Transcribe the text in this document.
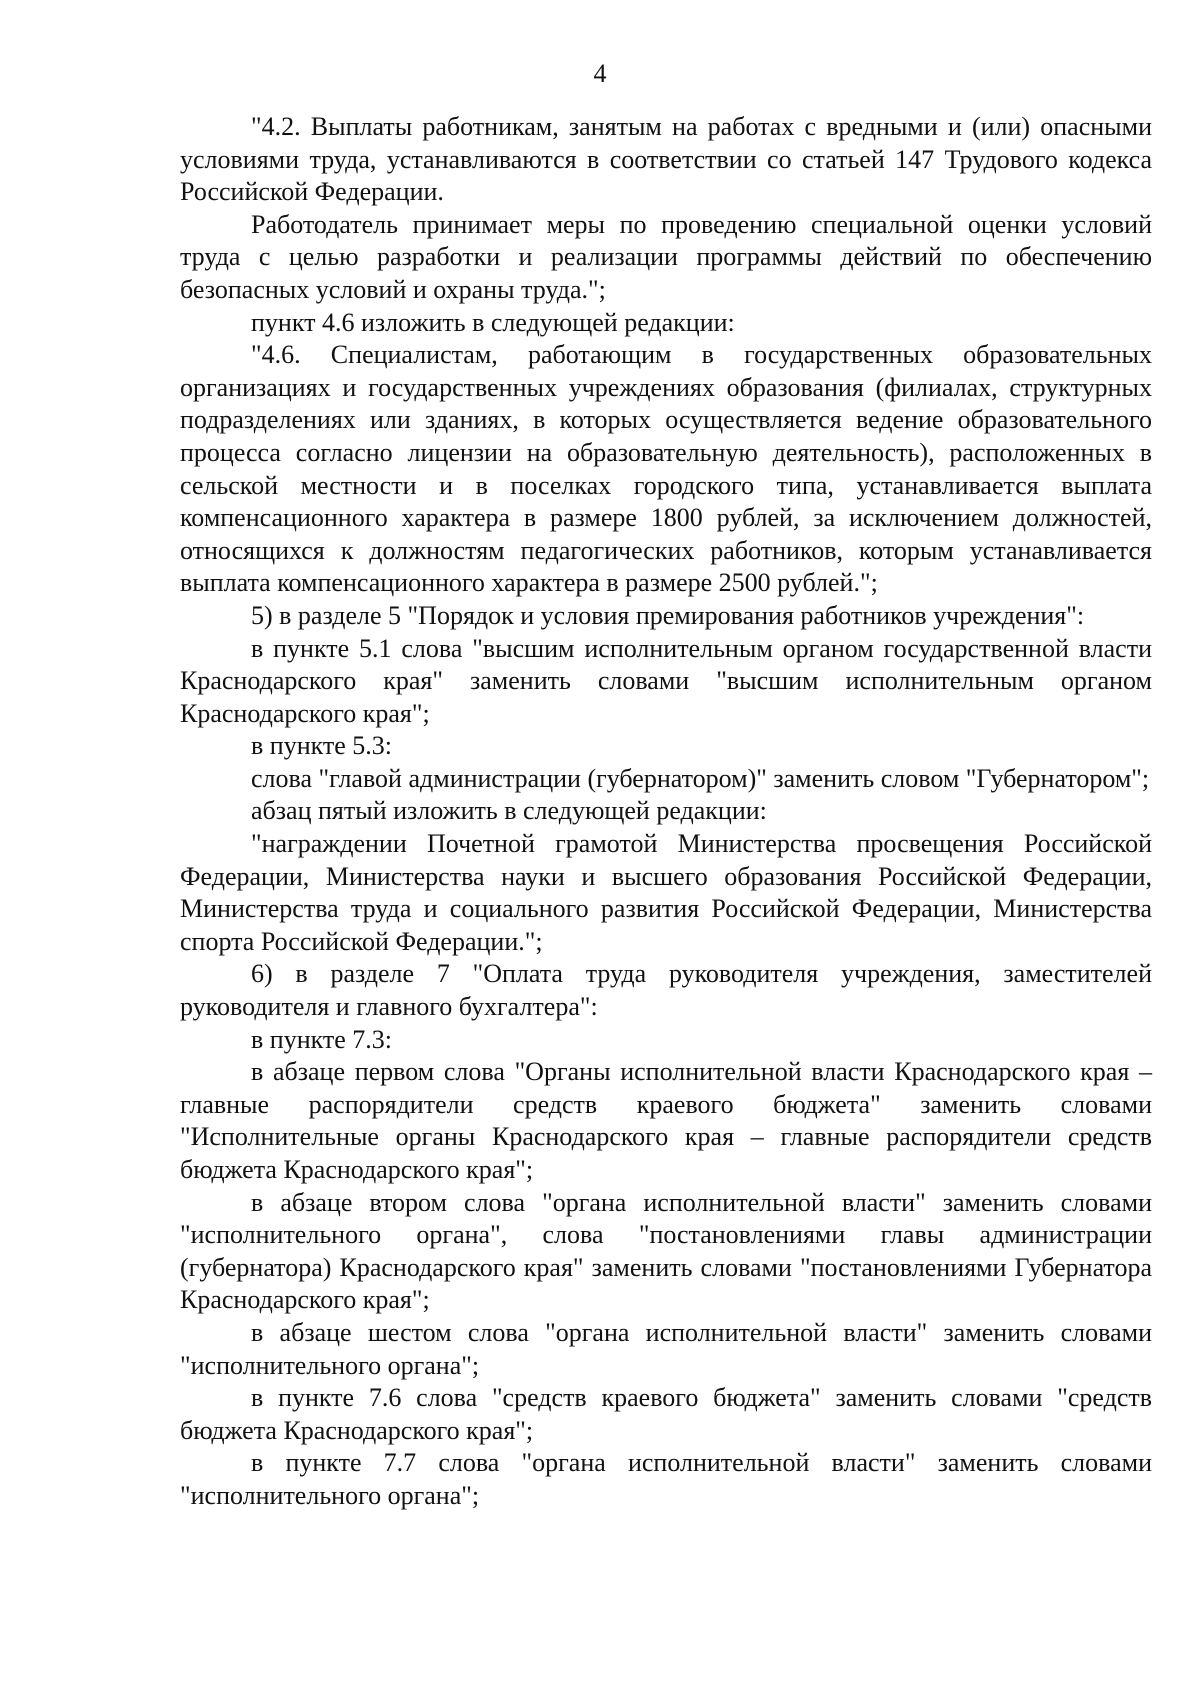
4

"4.2. Выплаты работникам, занятым на работах с вредными и (или) опасными условиями труда, устанавливаются в соответствии со статьей 147 Трудового кодекса Российской Федерации.

Работодатель принимает меры по проведению специальной оценки условий труда с целью разработки и реализации программы действий по обеспечению безопасных условий и охраны труда.";

пункт 4.6 изложить в следующей редакции:

"4.6. Специалистам, работающим в государственных образовательных организациях и государственных учреждениях образования (филиалах, структурных подразделениях или зданиях, в которых осуществляется ведение образовательного процесса согласно лицензии на образовательную деятельность), расположенных в сельской местности и в поселках городского типа, устанавливается выплата компенсационного характера в размере 1800 рублей, за исключением должностей, относящихся к должностям педагогических работников, которым устанавливается выплата компенсационного характера в размере 2500 рублей.";

5) в разделе 5 "Порядок и условия премирования работников учреждения":

в пункте 5.1 слова "высшим исполнительным органом государственной власти Краснодарского края" заменить словами "высшим исполнительным органом Краснодарского края";

в пункте 5.3:

слова "главой администрации (губернатором)" заменить словом "Губернатором";

абзац пятый изложить в следующей редакции:

"награждении Почетной грамотой Министерства просвещения Российской Федерации, Министерства науки и высшего образования Российской Федерации, Министерства труда и социального развития Российской Федерации, Министерства спорта Российской Федерации.";

6) в разделе 7 "Оплата труда руководителя учреждения, заместителей руководителя и главного бухгалтера":

в пункте 7.3:

в абзаце первом слова "Органы исполнительной власти Краснодарского края – главные распорядители средств краевого бюджета" заменить словами "Исполнительные органы Краснодарского края – главные распорядители средств бюджета Краснодарского края";

в абзаце втором слова "органа исполнительной власти" заменить словами "исполнительного органа", слова "постановлениями главы администрации (губернатора) Краснодарского края" заменить словами "постановлениями Губернатора Краснодарского края";

в абзаце шестом слова "органа исполнительной власти" заменить словами "исполнительного органа";

в пункте 7.6 слова "средств краевого бюджета" заменить словами "средств бюджета Краснодарского края";

в пункте 7.7 слова "органа исполнительной власти" заменить словами "исполнительного органа";
